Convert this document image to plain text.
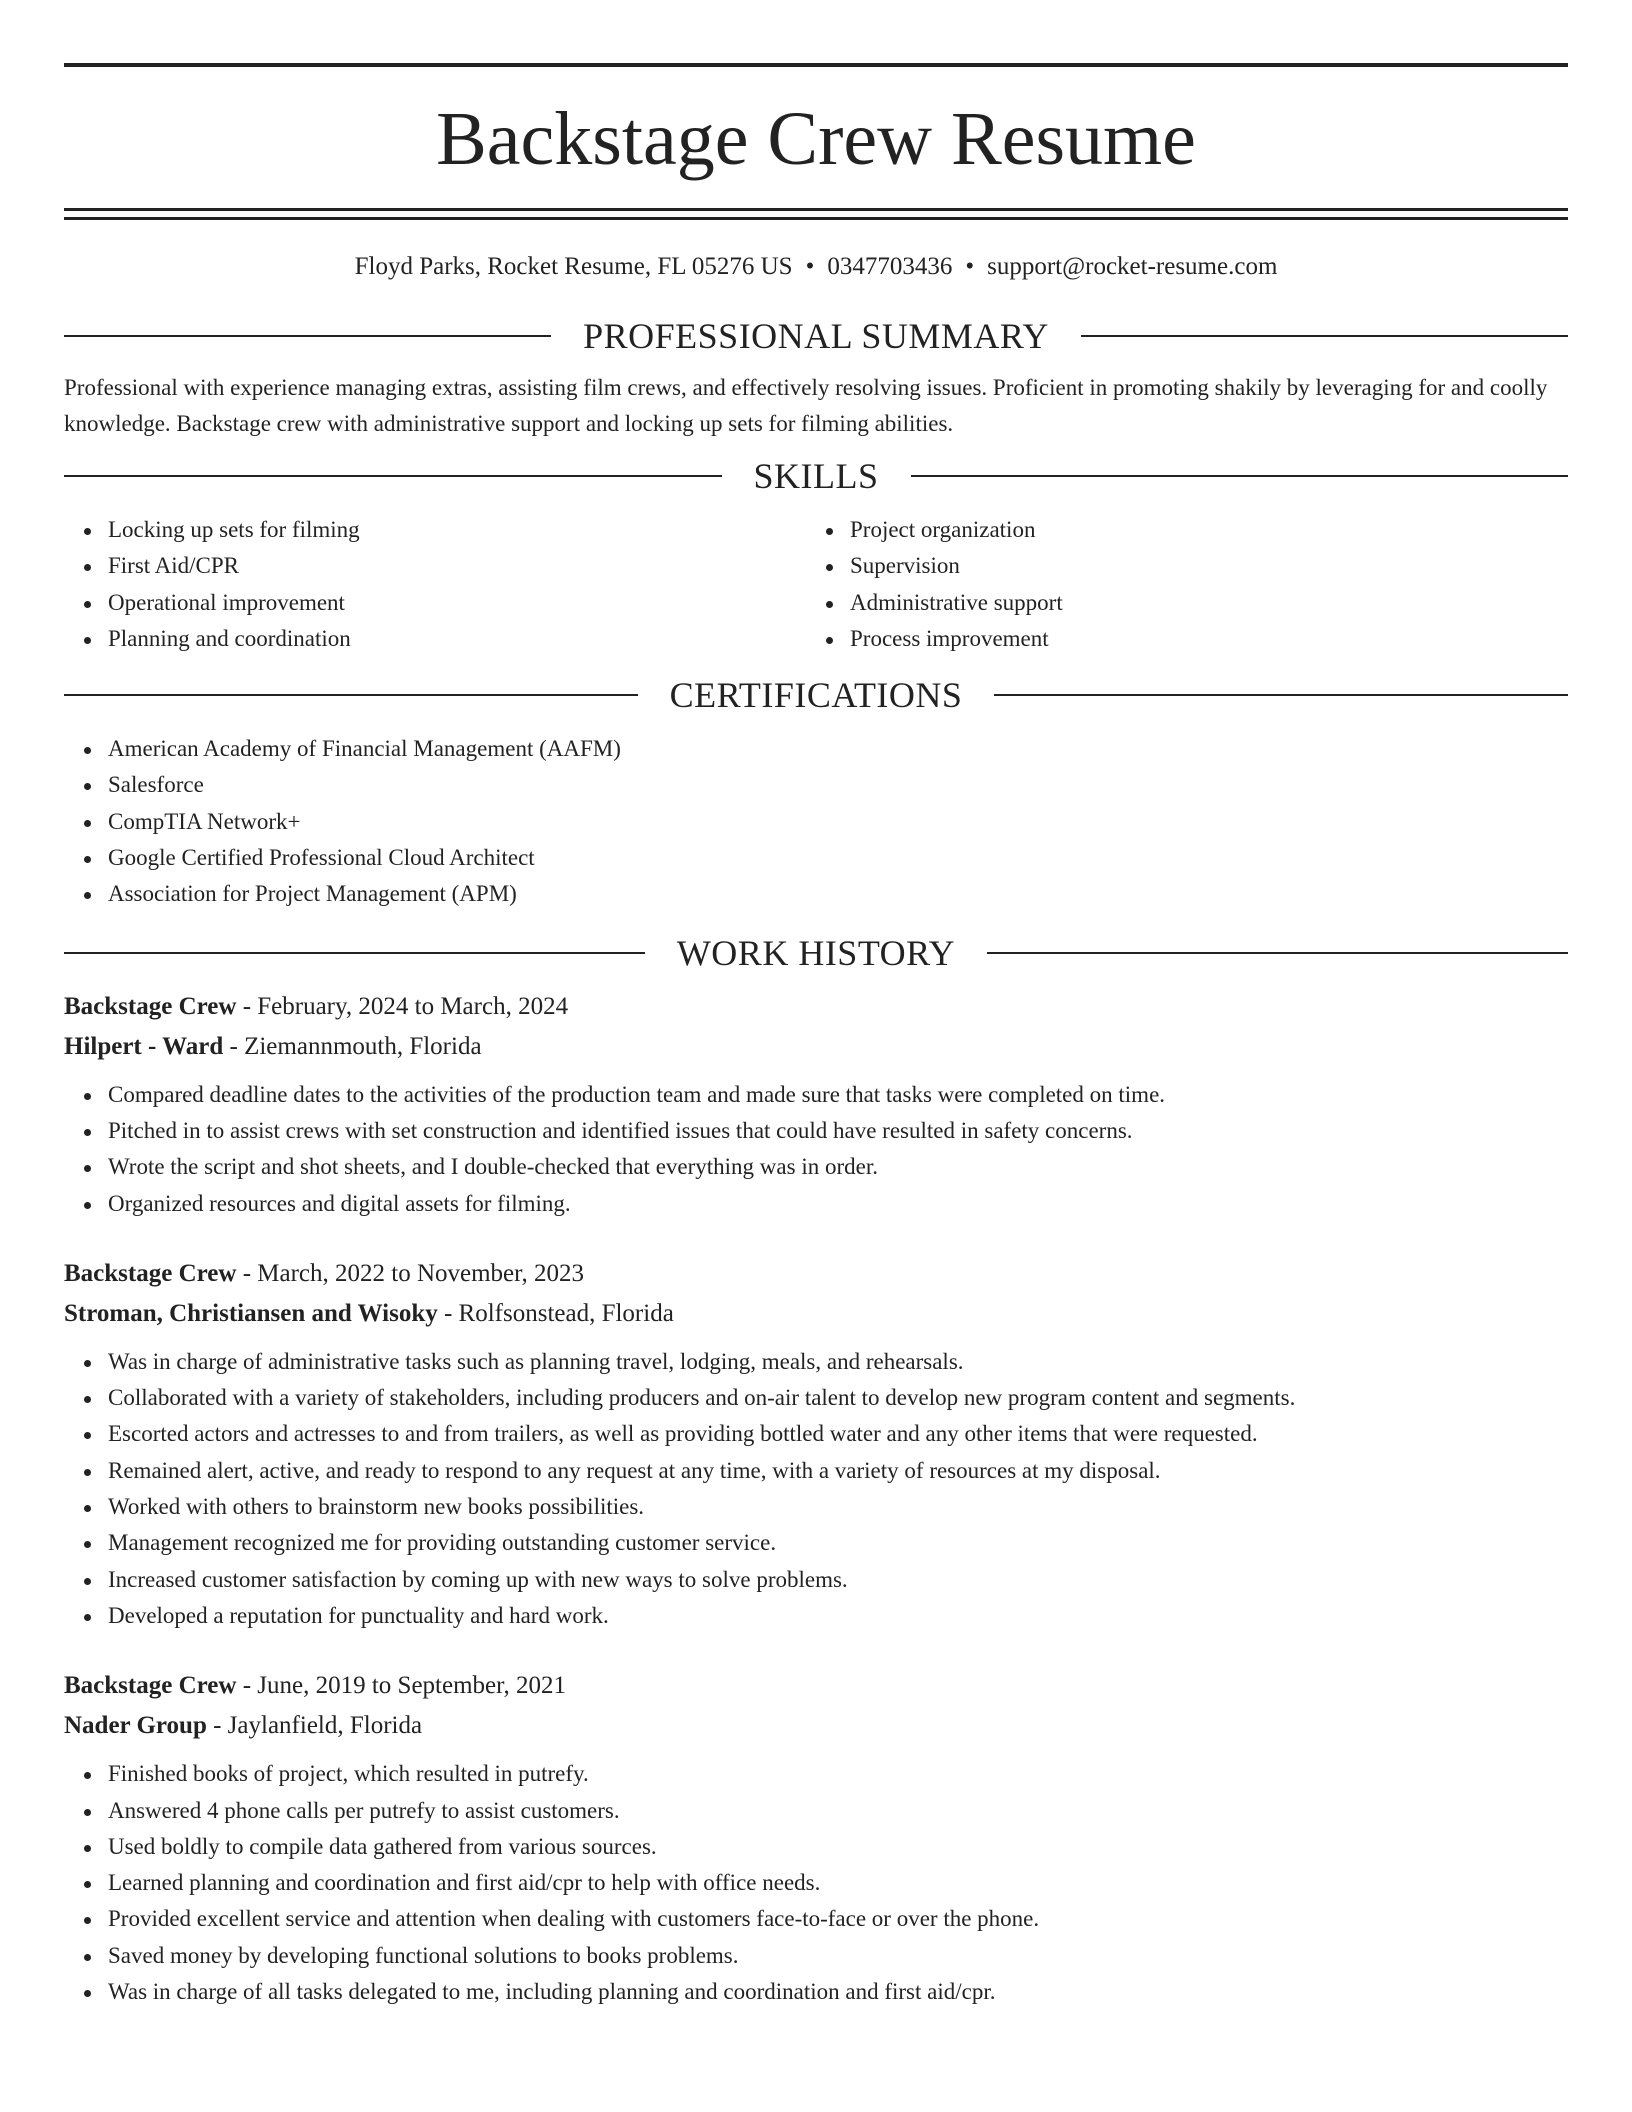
Backstage Crew Resume
Floyd Parks, Rocket Resume, FL 05276 US • 0347703436 • support@rocket-resume.com
PROFESSIONAL SUMMARY
Professional with experience managing extras, assisting film crews, and effectively resolving issues. Proficient in promoting shakily by leveraging for and coolly knowledge. Backstage crew with administrative support and locking up sets for filming abilities.
SKILLS
Locking up sets for filming
First Aid/CPR
Operational improvement
Planning and coordination
Project organization
Supervision
Administrative support
Process improvement
CERTIFICATIONS
American Academy of Financial Management (AAFM)
Salesforce
CompTIA Network+
Google Certified Professional Cloud Architect
Association for Project Management (APM)
WORK HISTORY
Backstage Crew - February, 2024 to March, 2024
Hilpert - Ward - Ziemannmouth, Florida
Compared deadline dates to the activities of the production team and made sure that tasks were completed on time.
Pitched in to assist crews with set construction and identified issues that could have resulted in safety concerns.
Wrote the script and shot sheets, and I double-checked that everything was in order.
Organized resources and digital assets for filming.
Backstage Crew - March, 2022 to November, 2023
Stroman, Christiansen and Wisoky - Rolfsonstead, Florida
Was in charge of administrative tasks such as planning travel, lodging, meals, and rehearsals.
Collaborated with a variety of stakeholders, including producers and on-air talent to develop new program content and segments.
Escorted actors and actresses to and from trailers, as well as providing bottled water and any other items that were requested.
Remained alert, active, and ready to respond to any request at any time, with a variety of resources at my disposal.
Worked with others to brainstorm new books possibilities.
Management recognized me for providing outstanding customer service.
Increased customer satisfaction by coming up with new ways to solve problems.
Developed a reputation for punctuality and hard work.
Backstage Crew - June, 2019 to September, 2021
Nader Group - Jaylanfield, Florida
Finished books of project, which resulted in putrefy.
Answered 4 phone calls per putrefy to assist customers.
Used boldly to compile data gathered from various sources.
Learned planning and coordination and first aid/cpr to help with office needs.
Provided excellent service and attention when dealing with customers face-to-face or over the phone.
Saved money by developing functional solutions to books problems.
Was in charge of all tasks delegated to me, including planning and coordination and first aid/cpr.
